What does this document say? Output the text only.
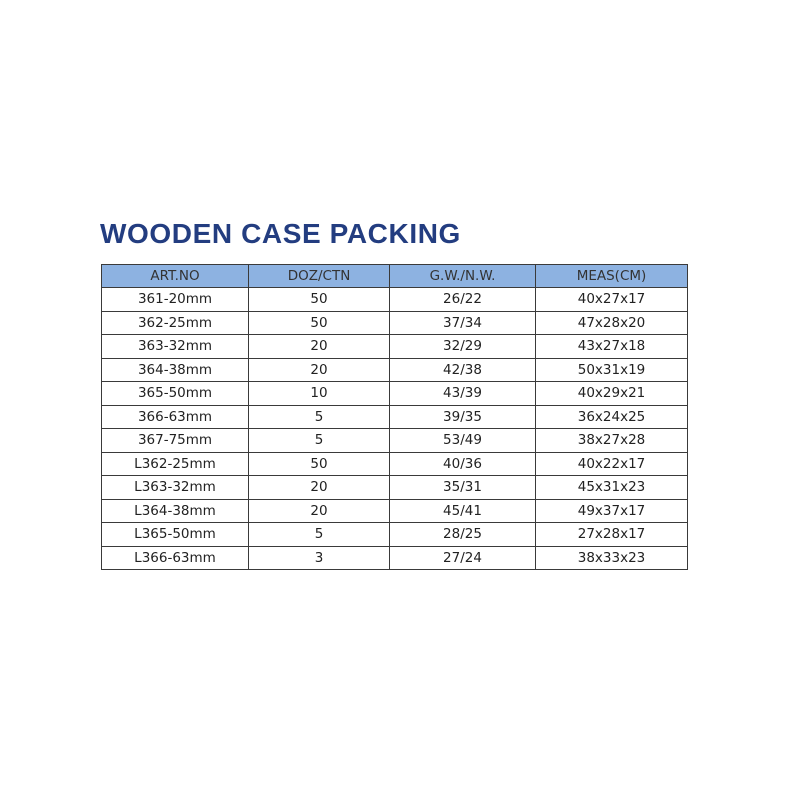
WOODEN CASE PACKING
ART.NO	DOZ/CTN	G.W./N.W.	MEAS(CM)
361-20mm	50	26/22	40x27x17
362-25mm	50	37/34	47x28x20
363-32mm	20	32/29	43x27x18
364-38mm	20	42/38	50x31x19
365-50mm	10	43/39	40x29x21
366-63mm	5	39/35	36x24x25
367-75mm	5	53/49	38x27x28
L362-25mm	50	40/36	40x22x17
L363-32mm	20	35/31	45x31x23
L364-38mm	20	45/41	49x37x17
L365-50mm	5	28/25	27x28x17
L366-63mm	3	27/24	38x33x23
